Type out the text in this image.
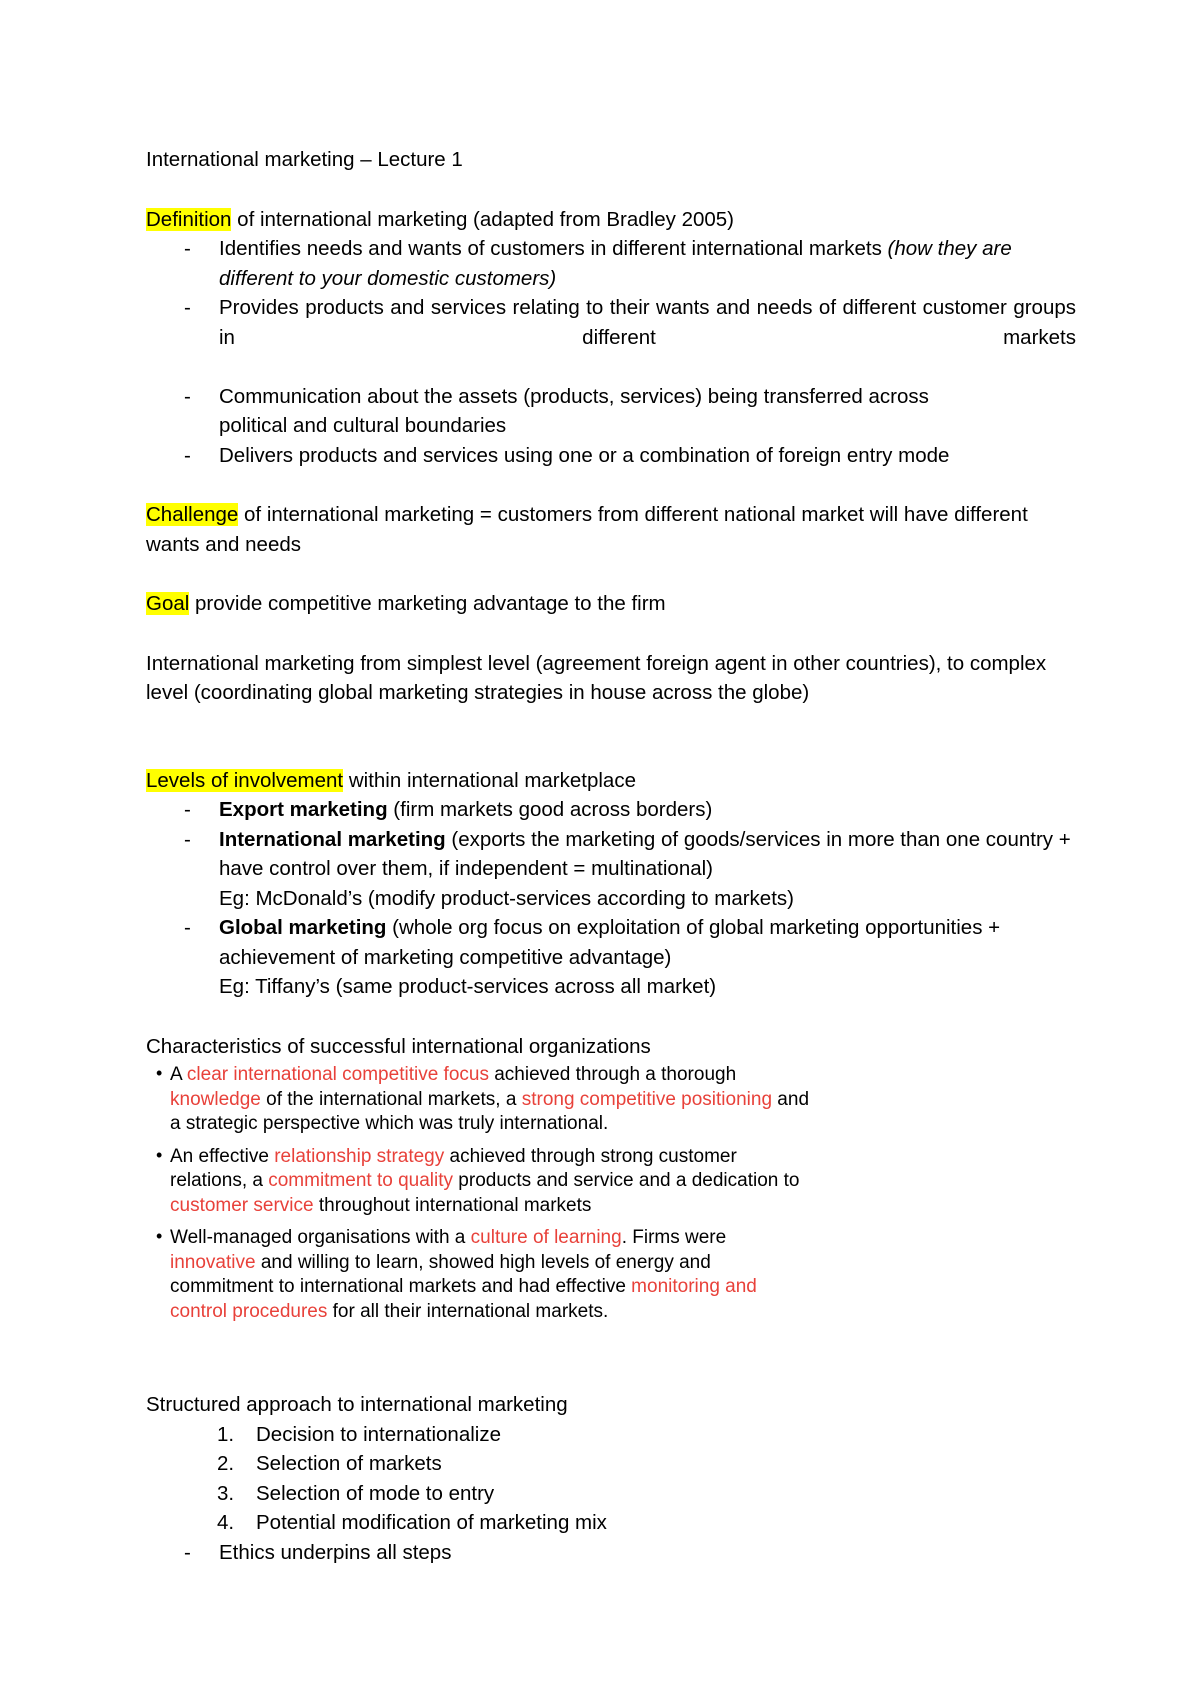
International marketing – Lecture 1

Definition of international marketing (adapted from Bradley 2005)

- Identifies needs and wants of customers in different international markets (how they are different to your domestic customers)
- Provides products and services relating to their wants and needs of different customer groups in different markets
- Communication about the assets (products, services) being transferred across political and cultural boundaries
- Delivers products and services using one or a combination of foreign entry mode

Challenge of international marketing = customers from different national market will have different wants and needs

Goal provide competitive marketing advantage to the firm

International marketing from simplest level (agreement foreign agent in other countries), to complex level (coordinating global marketing strategies in house across the globe)

Levels of involvement within international marketplace

- Export marketing (firm markets good across borders)
- International marketing (exports the marketing of goods/services in more than one country + have control over them, if independent = multinational)
Eg: McDonald’s (modify product-services according to markets)
- Global marketing (whole org focus on exploitation of global marketing opportunities + achievement of marketing competitive advantage)
Eg: Tiffany’s (same product-services across all market)

Characteristics of successful international organizations

• A clear international competitive focus achieved through a thorough knowledge of the international markets, a strong competitive positioning and a strategic perspective which was truly international.
• An effective relationship strategy achieved through strong customer relations, a commitment to quality products and service and a dedication to customer service throughout international markets
• Well-managed organisations with a culture of learning. Firms were innovative and willing to learn, showed high levels of energy and commitment to international markets and had effective monitoring and control procedures for all their international markets.

Structured approach to international marketing

1. Decision to internationalize
2. Selection of markets
3. Selection of mode to entry
4. Potential modification of marketing mix
- Ethics underpins all steps
